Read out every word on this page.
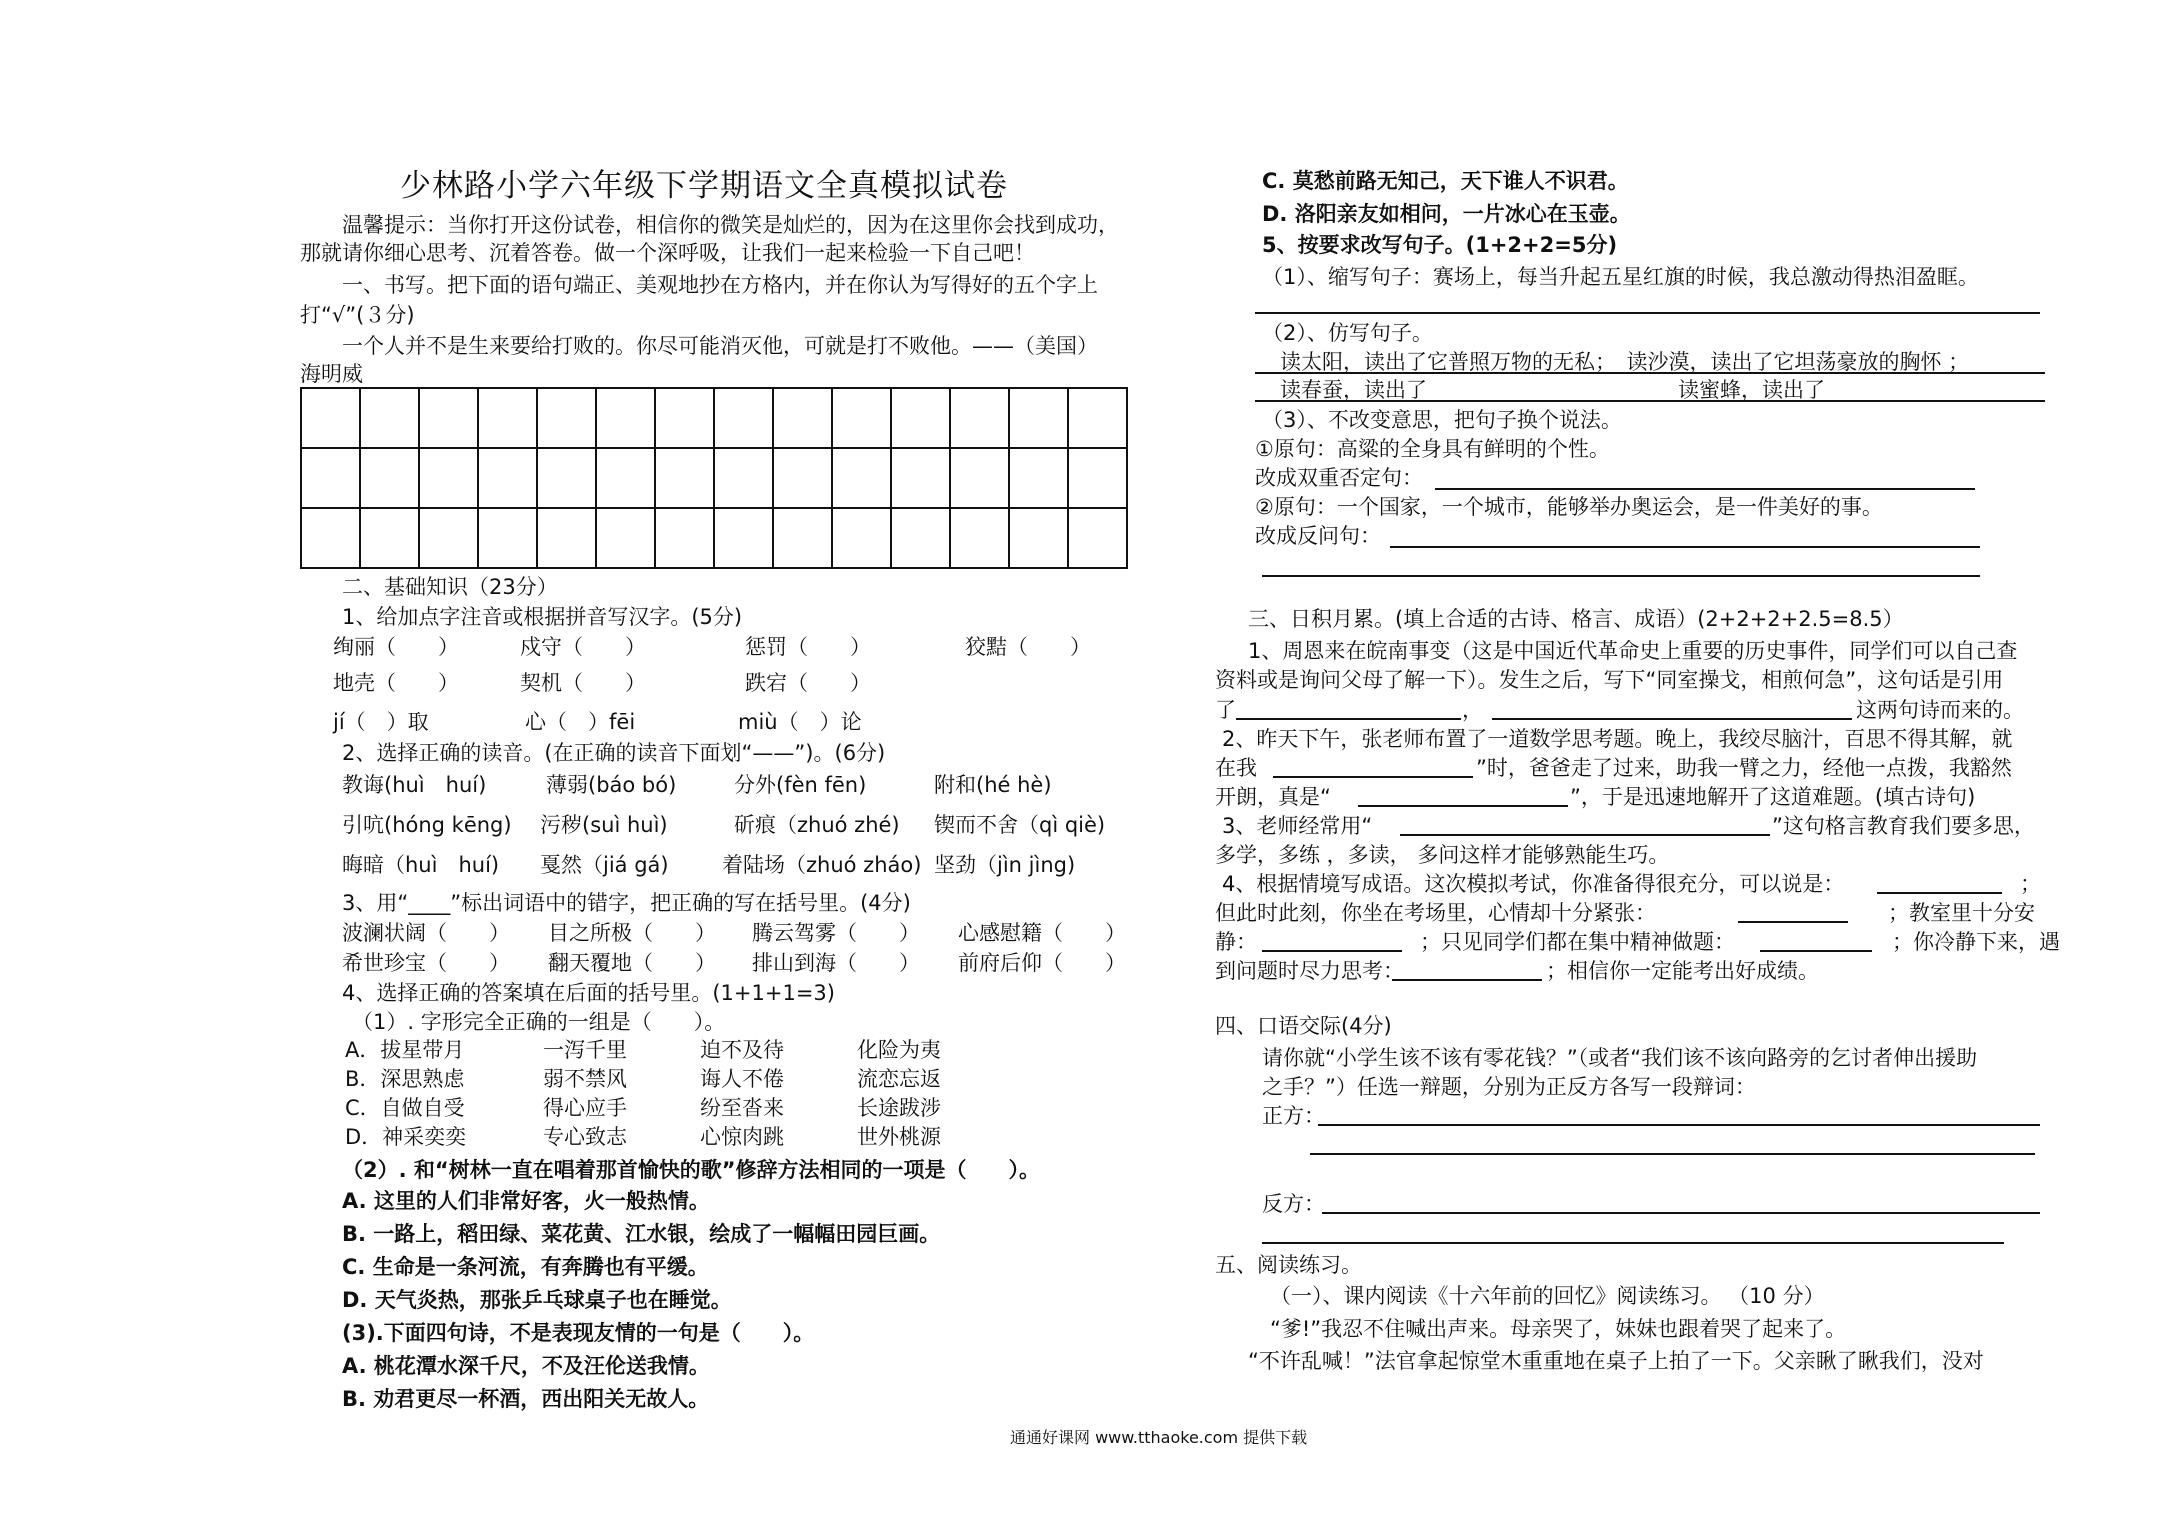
少林路小学六年级下学期语文全真模拟试卷
温馨提示：当你打开这份试卷，相信你的微笑是灿烂的，因为在这里你会找到成功，
那就请你细心思考、沉着答卷。做一个深呼吸，让我们一起来检验一下自己吧！
一、书写。把下面的语句端正、美观地抄在方格内，并在你认为写得好的五个字上
打“√”(３分)
一个人并不是生来要给打败的。你尽可能消灭他，可就是打不败他。——（美国）
海明威

二、基础知识（23分）
1、给加点字注音或根据拼音写汉字。(5分)
绚丽（　　）	戍守（　　）	惩罚（　　）	狡黠（　　）
地壳（　　）	契机（　　）	跌宕（　　）
jí（　）取	心（　）fēi	miù（　）论
2、选择正确的读音。(在正确的读音下面划“——”)。(6分)
教诲(huì　huí)	薄弱(báo bó)	分外(fèn fēn)	附和(hé hè)
引吭(hóng kēng) 污秽(suì huì)	斫痕（zhuó zhé) 锲而不舍（qì qiè)
晦暗（huì　huí) 戛然（jiá gá)	着陆场（zhuó zháo) 坚劲（jìn jìng)
3、用“____”标出词语中的错字，把正确的写在括号里。(4分)
波澜状阔（　　） 目之所极（　　） 腾云驾雾（　　） 心感慰籍（　　）
希世珍宝（　　） 翻天覆地（　　） 排山到海（　　） 前府后仰（　　）
4、选择正确的答案填在后面的括号里。(1+1+1=3)
（1）. 字形完全正确的一组是（　　）。
A．拔星带月	一泻千里	迫不及待	化险为夷
B．深思熟虑	弱不禁风	诲人不倦	流恋忘返
C．自做自受	得心应手	纷至沓来	长途跋涉
D．神采奕奕	专心致志	心惊肉跳	世外桃源
（2）. 和“树林一直在唱着那首愉快的歌”修辞方法相同的一项是（　　）。
A. 这里的人们非常好客，火一般热情。
B. 一路上，稻田绿、菜花黄、江水银，绘成了一幅幅田园巨画。
C. 生命是一条河流，有奔腾也有平缓。
D. 天气炎热，那张乒乓球桌子也在睡觉。
(3).下面四句诗，不是表现友情的一句是（　　）。
A. 桃花潭水深千尺，不及汪伦送我情。
B. 劝君更尽一杯酒，西出阳关无故人。
C. 莫愁前路无知己，天下谁人不识君。
D. 洛阳亲友如相问，一片冰心在玉壶。
5、按要求改写句子。(1+2+2=5分)
（1）、缩写句子：赛场上，每当升起五星红旗的时候，我总激动得热泪盈眶。
（2）、仿写句子。
读太阳，读出了它普照万物的无私；　读沙漠，读出了它坦荡豪放的胸怀 ；
读春蚕，读出了	读蜜蜂，读出了
（3）、不改变意思，把句子换个说法。
①原句：高粱的全身具有鲜明的个性。
改成双重否定句：
②原句：一个国家，一个城市，能够举办奥运会，是一件美好的事。
改成反问句：
三、日积月累。(填上合适的古诗、格言、成语）(2+2+2+2.5=8.5）
1、周恩来在皖南事变（这是中国近代革命史上重要的历史事件，同学们可以自己查
资料或是询问父母了解一下）。发生之后，写下“同室操戈，相煎何急”，这句话是引用
了	，	这两句诗而来的。
2、昨天下午，张老师布置了一道数学思考题。晚上，我绞尽脑汁，百思不得其解，就
在我	”时，爸爸走了过来，助我一臂之力，经他一点拨，我豁然
开朗，真是“	”，于是迅速地解开了这道难题。(填古诗句)
3、老师经常用“	”这句格言教育我们要多思，
多学，多练 ，多读， 多问这样才能够熟能生巧。
4、根据情境写成语。这次模拟考试，你准备得很充分，可以说是：	；
但此时此刻，你坐在考场里，心情却十分紧张：	；教室里十分安
静：	；只见同学们都在集中精神做题：	；你冷静下来，遇
到问题时尽力思考：	；相信你一定能考出好成绩。
四、口语交际(4分)
请你就“小学生该不该有零花钱？”（或者“我们该不该向路旁的乞讨者伸出援助
之手？”）任选一辩题，分别为正反方各写一段辩词：
正方：
反方：
五、阅读练习。
（一）、课内阅读《十六年前的回忆》阅读练习。 （10 分）
“爹!”我忍不住喊出声来。母亲哭了，妹妹也跟着哭了起来了。
“不许乱喊！”法官拿起惊堂木重重地在桌子上拍了一下。父亲瞅了瞅我们，没对
通通好课网 www.tthaoke.com 提供下载
